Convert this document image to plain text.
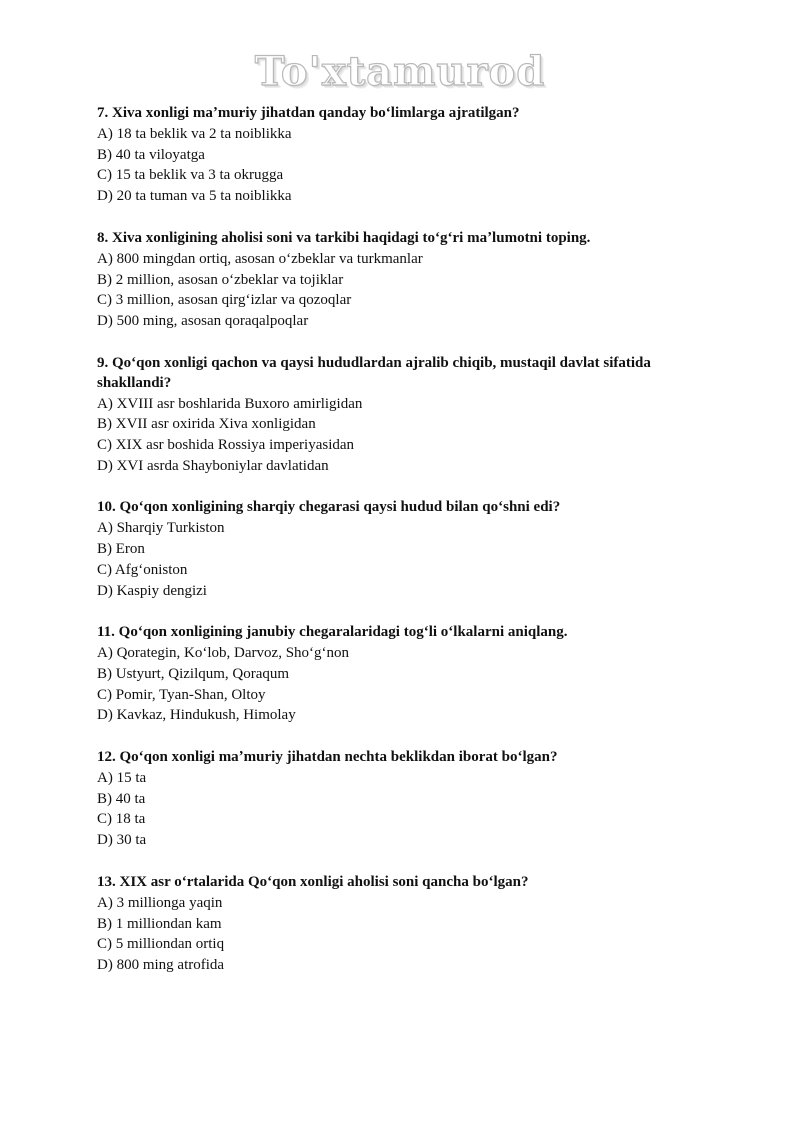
To'xtamurod

7. Xiva xonligi maʼmuriy jihatdan qanday boʻlimlarga ajratilgan?

A) 18 ta beklik va 2 ta noiblikka
B) 40 ta viloyatga
C) 15 ta beklik va 3 ta okrugga
D) 20 ta tuman va 5 ta noiblikka

8. Xiva xonligining aholisi soni va tarkibi haqidagi toʻgʻri maʼlumotni toping.

A) 800 mingdan ortiq, asosan oʻzbeklar va turkmanlar
B) 2 million, asosan oʻzbeklar va tojiklar
C) 3 million, asosan qirgʻizlar va qozoqlar
D) 500 ming, asosan qoraqalpoqlar

9. Qoʻqon xonligi qachon va qaysi hududlardan ajralib chiqib, mustaqil davlat sifatida shakllandi?

A) XVIII asr boshlarida Buxoro amirligidan
B) XVII asr oxirida Xiva xonligidan
C) XIX asr boshida Rossiya imperiyasidan
D) XVI asrda Shayboniylar davlatidan

10. Qoʻqon xonligining sharqiy chegarasi qaysi hudud bilan qoʻshni edi?

A) Sharqiy Turkiston
B) Eron
C) Afgʻoniston
D) Kaspiy dengizi

11. Qoʻqon xonligining janubiy chegaralaridagi togʻli oʻlkalarni aniqlang.

A) Qorategin, Koʻlob, Darvoz, Shoʻgʻnon
B) Ustyurt, Qizilqum, Qoraqum
C) Pomir, Tyan-Shan, Oltoy
D) Kavkaz, Hindukush, Himolay

12. Qoʻqon xonligi maʼmuriy jihatdan nechta beklikdan iborat boʻlgan?

A) 15 ta
B) 40 ta
C) 18 ta
D) 30 ta

13. XIX asr oʻrtalarida Qoʻqon xonligi aholisi soni qancha boʻlgan?

A) 3 millionga yaqin
B) 1 milliondan kam
C) 5 milliondan ortiq
D) 800 ming atrofida
